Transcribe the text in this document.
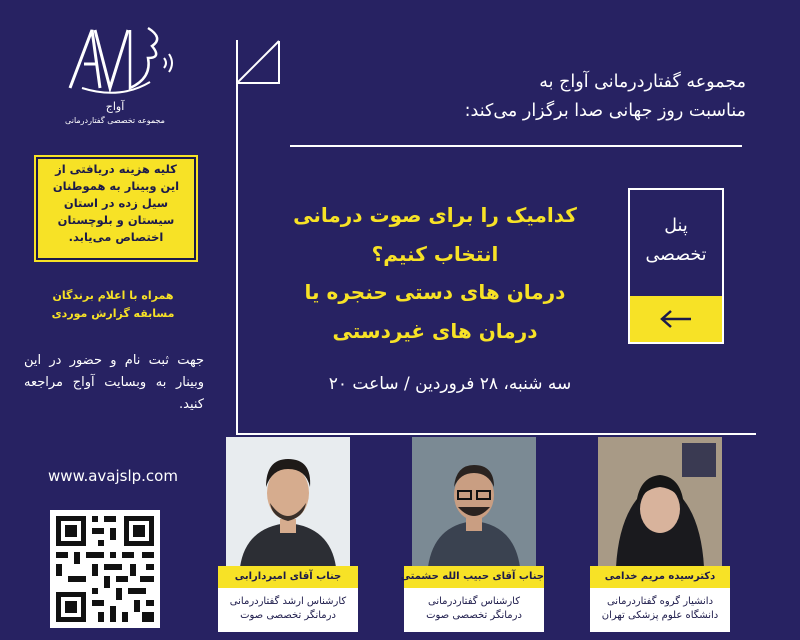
آواج
مجموعه تخصصی گفتاردرمانی
کلیه هزینه دریافتی از
این وبینار به هموطنان
سیل زده در استان
سیستان و بلوچستان
اختصاص می‌یابد.
همراه با اعلام برندگان
مسابقه گزارش موردی
جهت ثبت نام و حضور در این وبینار به وبسایت آواج مراجعه کنید.
www.avajslp.com
مجموعه گفتاردرمانی آواج به
مناسبت روز جهانی صدا برگزار می‌کند:
کدامیک را برای صوت درمانی
انتخاب کنیم؟
درمان های دستی حنجره یا
درمان های غیردستی
پنل
تخصصی
سه شنبه، ۲۸ فروردین / ساعت ۲۰
دکترسیده مریم خدامی
دانشیار گروه گفتاردرمانی
دانشگاه علوم پزشکی تهران
جناب آقای حبیب الله حشمتی
کارشناس گفتاردرمانی
درمانگر تخصصی صوت
جناب آقای امیردارابی
کارشناس ارشد گفتاردرمانی
درمانگر تخصصی صوت
